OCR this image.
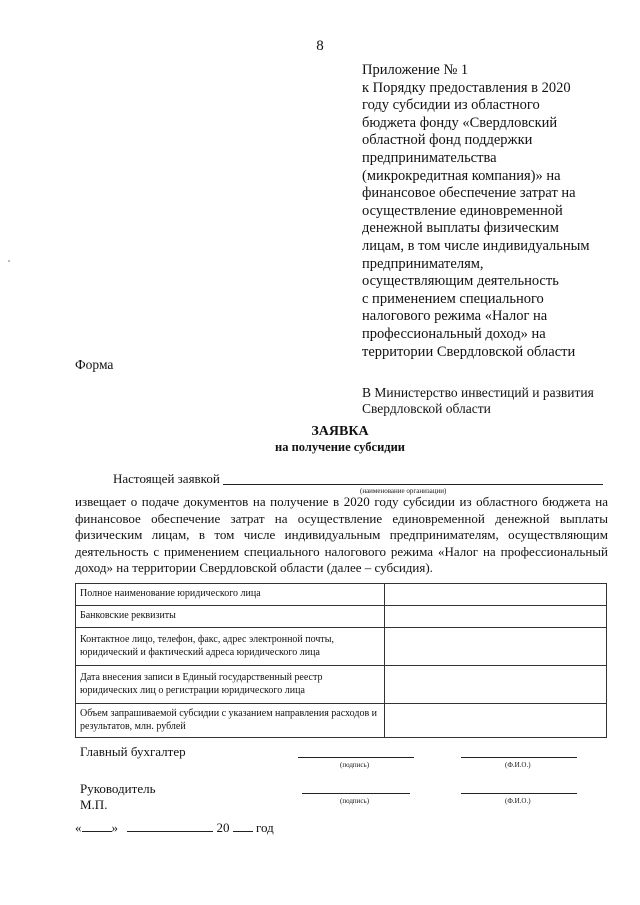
8
Приложение № 1
к Порядку предоставления в 2020
году субсидии из областного
бюджета фонду «Свердловский
областной фонд поддержки
предпринимательства
(микрокредитная компания)» на
финансовое обеспечение затрат на
осуществление единовременной
денежной выплаты физическим
лицам, в том числе индивидуальным
предпринимателям,
осуществляющим деятельность
с применением специального
налогового режима «Налог на
профессиональный доход» на
территории Свердловской области
Форма
В Министерство инвестиций и развития
Свердловской области
ЗАЯВКА
на получение субсидии
Настоящей заявкой
(наименование организации)
извещает о подаче документов на получение в 2020 году субсидии из областного бюджета на
финансовое обеспечение затрат на осуществление единовременной денежной выплаты
физическим лицам, в том числе индивидуальным предпринимателям, осуществляющим
деятельность с применением специального налогового режима «Налог на профессиональный
доход» на территории Свердловской области (далее – субсидия).
Полное наименование юридического лица	
Банковские реквизиты	
Контактное лицо, телефон, факс, адрес электронной почты, юридический и фактический адреса юридического лица	
Дата внесения записи в Единый государственный реестр юридических лиц о регистрации юридического лица	
Объем запрашиваемой субсидии с указанием направления расходов и результатов, млн. рублей	
Главный бухгалтер
(подпись)	(Ф.И.О.)
Руководитель
М.П.	(подпись)	(Ф.И.О.)
« »	20 год
